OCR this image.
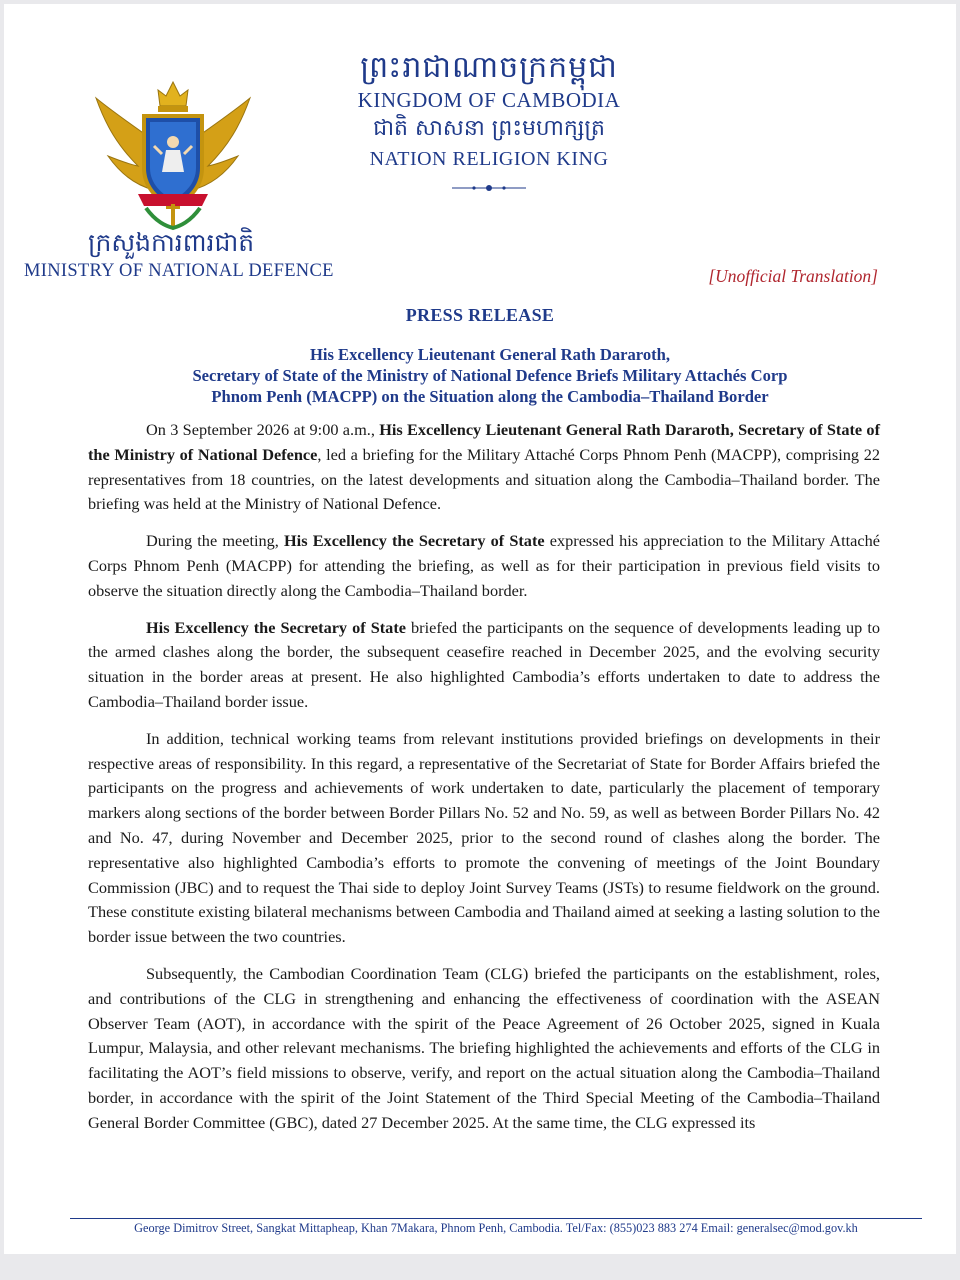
ព្រះរាជាណាចក្រកម្ពុជា
KINGDOM OF CAMBODIA
ជាតិ សាសនា ព្រះមហាក្សត្រ
NATION RELIGION KING
ក្រសួងការពារជាតិ
MINISTRY OF NATIONAL DEFENCE	[Unofficial Translation]
PRESS RELEASE
His Excellency Lieutenant General Rath Dararoth,
Secretary of State of the Ministry of National Defence Briefs Military Attachés Corp
Phnom Penh (MACPP) on the Situation along the Cambodia–Thailand Border

On 3 September 2026 at 9:00 a.m., His Excellency Lieutenant General Rath Dararoth, Secretary of State of the Ministry of National Defence, led a briefing for the Military Attaché Corps Phnom Penh (MACPP), comprising 22 representatives from 18 countries, on the latest developments and situation along the Cambodia–Thailand border. The briefing was held at the Ministry of National Defence.

During the meeting, His Excellency the Secretary of State expressed his appreciation to the Military Attaché Corps Phnom Penh (MACPP) for attending the briefing, as well as for their participation in previous field visits to observe the situation directly along the Cambodia–Thailand border.

His Excellency the Secretary of State briefed the participants on the sequence of developments leading up to the armed clashes along the border, the subsequent ceasefire reached in December 2025, and the evolving security situation in the border areas at present. He also highlighted Cambodia’s efforts undertaken to date to address the Cambodia–Thailand border issue.

In addition, technical working teams from relevant institutions provided briefings on developments in their respective areas of responsibility. In this regard, a representative of the Secretariat of State for Border Affairs briefed the participants on the progress and achievements of work undertaken to date, particularly the placement of temporary markers along sections of the border between Border Pillars No. 52 and No. 59, as well as between Border Pillars No. 42 and No. 47, during November and December 2025, prior to the second round of clashes along the border. The representative also highlighted Cambodia’s efforts to promote the convening of meetings of the Joint Boundary Commission (JBC) and to request the Thai side to deploy Joint Survey Teams (JSTs) to resume fieldwork on the ground. These constitute existing bilateral mechanisms between Cambodia and Thailand aimed at seeking a lasting solution to the border issue between the two countries.

Subsequently, the Cambodian Coordination Team (CLG) briefed the participants on the establishment, roles, and contributions of the CLG in strengthening and enhancing the effectiveness of coordination with the ASEAN Observer Team (AOT), in accordance with the spirit of the Peace Agreement of 26 October 2025, signed in Kuala Lumpur, Malaysia, and other relevant mechanisms. The briefing highlighted the achievements and efforts of the CLG in facilitating the AOT’s field missions to observe, verify, and report on the actual situation along the Cambodia–Thailand border, in accordance with the spirit of the Joint Statement of the Third Special Meeting of the Cambodia–Thailand General Border Committee (GBC), dated 27 December 2025. At the same time, the CLG expressed its

George Dimitrov Street, Sangkat Mittapheap, Khan 7Makara, Phnom Penh, Cambodia. Tel/Fax: (855)023 883 274 Email: generalsec@mod.gov.kh
